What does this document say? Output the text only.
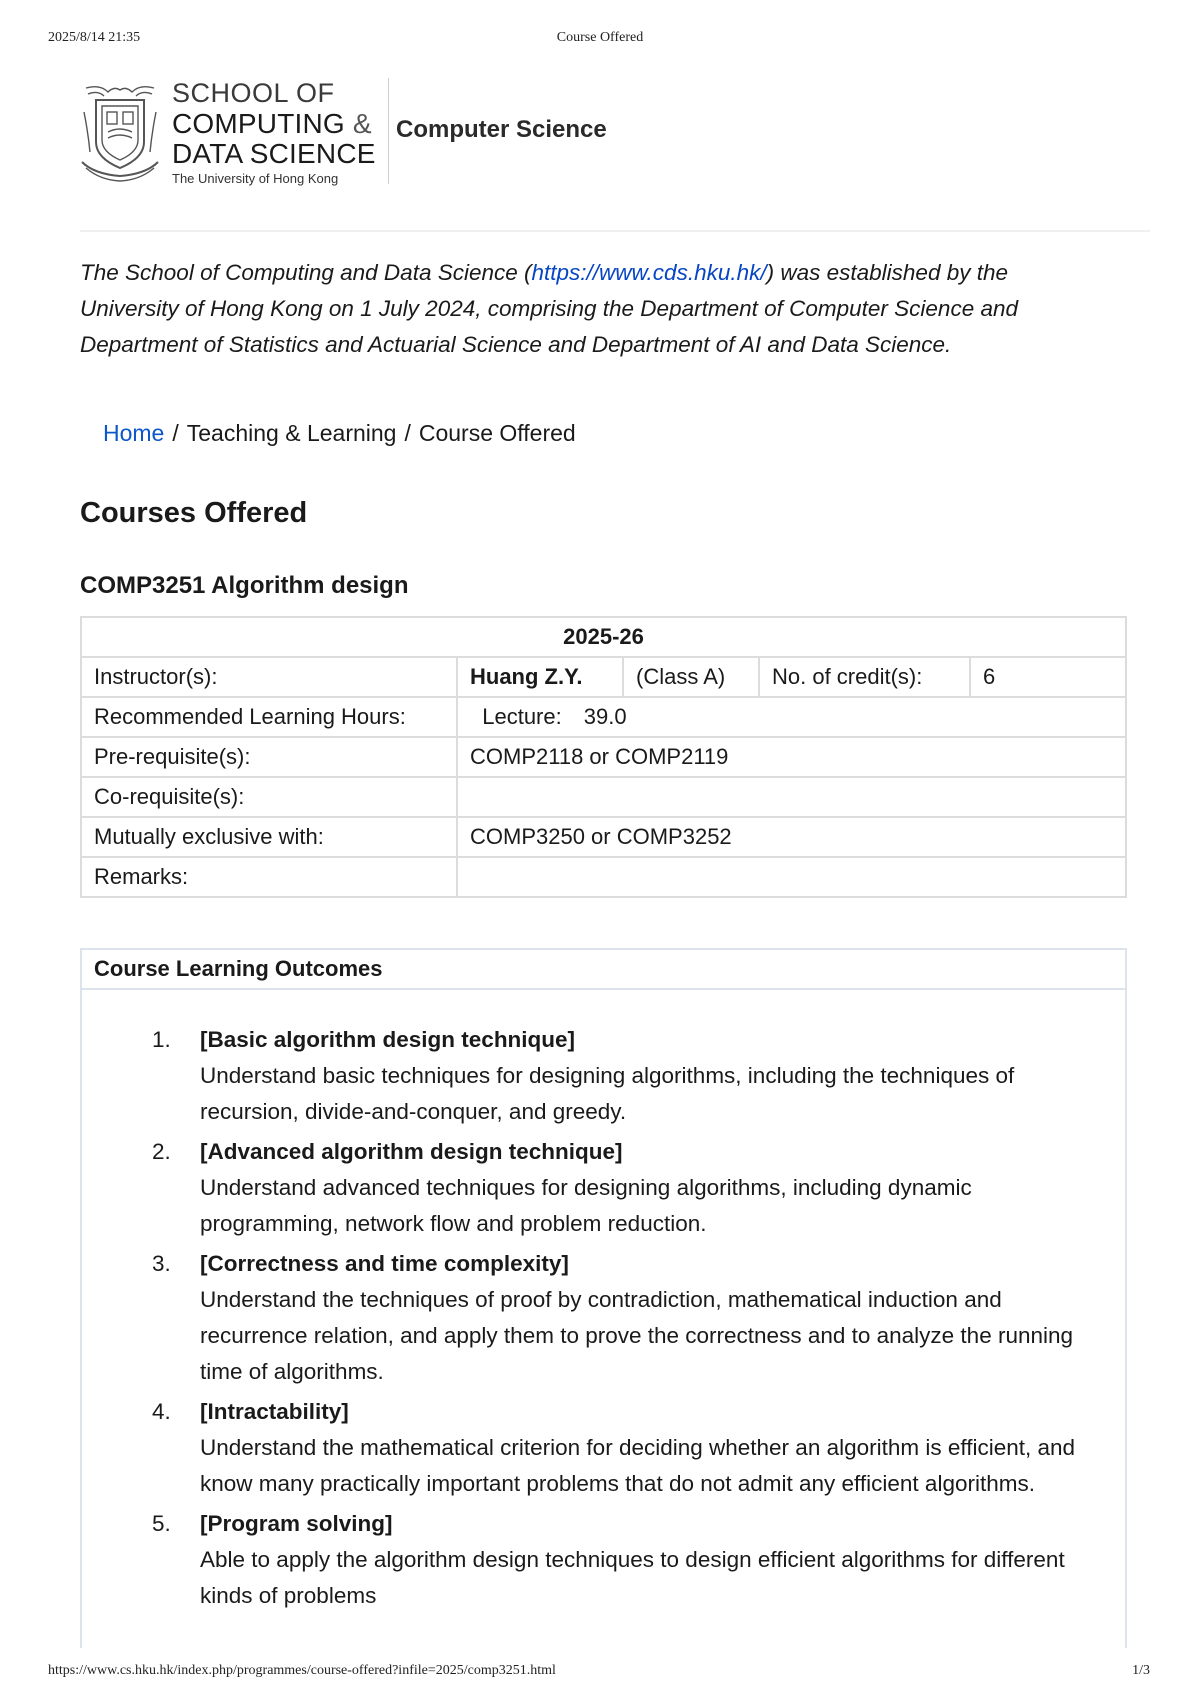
2025/8/14 21:35	Course Offered
SCHOOL OF
COMPUTING &
DATA SCIENCE
The University of Hong Kong
Computer Science

The School of Computing and Data Science (https://www.cds.hku.hk/) was established by the University of Hong Kong on 1 July 2024, comprising the Department of Computer Science and Department of Statistics and Actuarial Science and Department of AI and Data Science.

Home / Teaching & Learning / Course Offered
Courses Offered
COMP3251 Algorithm design
2025-26				
Instructor(s):	Huang Z.Y.	(Class A)	No. of credit(s):	6
Recommended Learning Hours:	Lecture: 39.0			
Pre-requisite(s):	COMP2118 or COMP2119			
Co-requisite(s):				
Mutually exclusive with:	COMP3250 or COMP3252			
Remarks:				
Course Learning Outcomes
1.	[Basic algorithm design technique]
Understand basic techniques for designing algorithms, including the techniques of recursion, divide-and-conquer, and greedy.
2.	[Advanced algorithm design technique]
Understand advanced techniques for designing algorithms, including dynamic programming, network flow and problem reduction.
3.	[Correctness and time complexity]
Understand the techniques of proof by contradiction, mathematical induction and recurrence relation, and apply them to prove the correctness and to analyze the running time of algorithms.
4.	[Intractability]
Understand the mathematical criterion for deciding whether an algorithm is efficient, and know many practically important problems that do not admit any efficient algorithms.
5.	[Program solving]
Able to apply the algorithm design techniques to design efficient algorithms for different kinds of problems
https://www.cs.hku.hk/index.php/programmes/course-offered?infile=2025/comp3251.html	1/3
